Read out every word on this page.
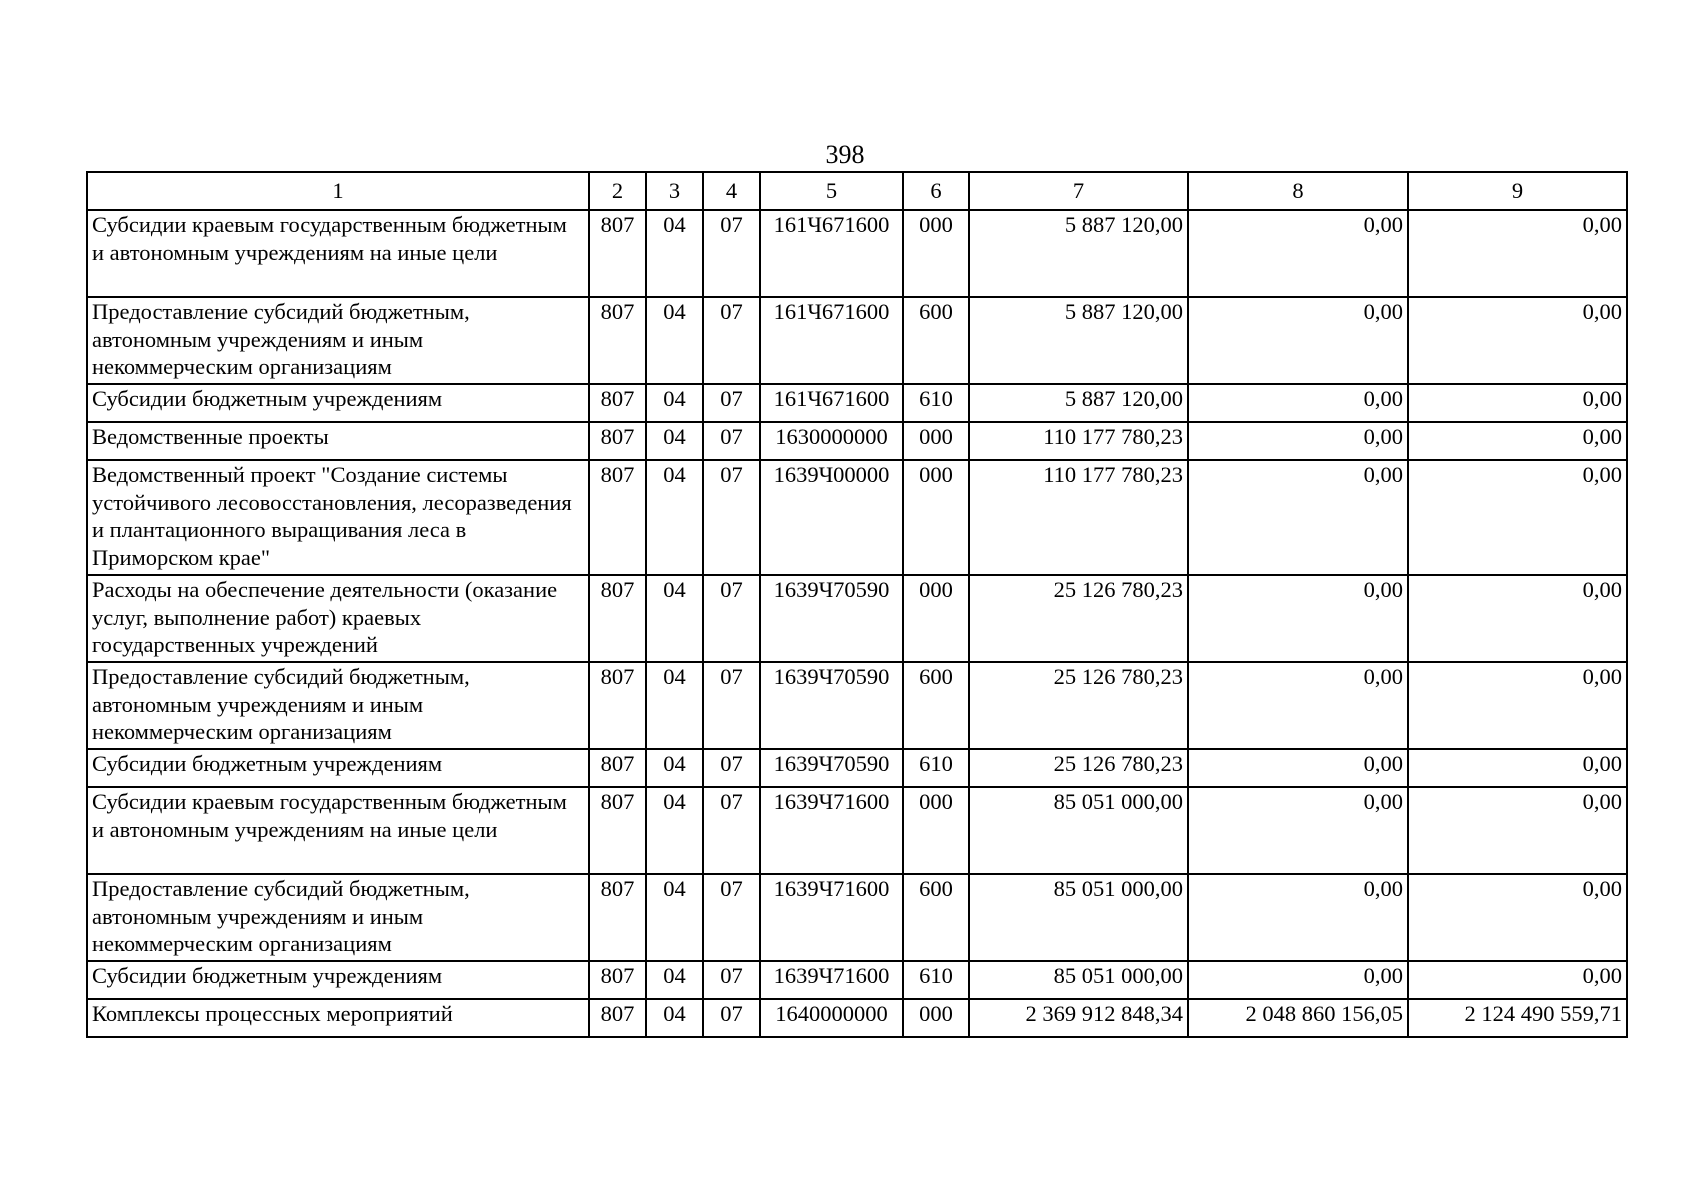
398
1	2	3	4	5	6	7	8	9
Субсидии краевым государственным бюджетным и автономным учреждениям на иные цели	807	04	07	161Ч671600	000	5 887 120,00	0,00	0,00
Предоставление субсидий бюджетным, автономным учреждениям и иным некоммерческим организациям	807	04	07	161Ч671600	600	5 887 120,00	0,00	0,00
Субсидии бюджетным учреждениям	807	04	07	161Ч671600	610	5 887 120,00	0,00	0,00
Ведомственные проекты	807	04	07	1630000000	000	110 177 780,23	0,00	0,00
Ведомственный проект "Создание системы устойчивого лесовосстановления, лесоразведения и плантационного выращивания леса в Приморском крае"	807	04	07	1639Ч00000	000	110 177 780,23	0,00	0,00
Расходы на обеспечение деятельности (оказание услуг, выполнение работ) краевых государственных учреждений	807	04	07	1639Ч70590	000	25 126 780,23	0,00	0,00
Предоставление субсидий бюджетным, автономным учреждениям и иным некоммерческим организациям	807	04	07	1639Ч70590	600	25 126 780,23	0,00	0,00
Субсидии бюджетным учреждениям	807	04	07	1639Ч70590	610	25 126 780,23	0,00	0,00
Субсидии краевым государственным бюджетным и автономным учреждениям на иные цели	807	04	07	1639Ч71600	000	85 051 000,00	0,00	0,00
Предоставление субсидий бюджетным, автономным учреждениям и иным некоммерческим организациям	807	04	07	1639Ч71600	600	85 051 000,00	0,00	0,00
Субсидии бюджетным учреждениям	807	04	07	1639Ч71600	610	85 051 000,00	0,00	0,00
Комплексы процессных мероприятий	807	04	07	1640000000	000	2 369 912 848,34	2 048 860 156,05	2 124 490 559,71
